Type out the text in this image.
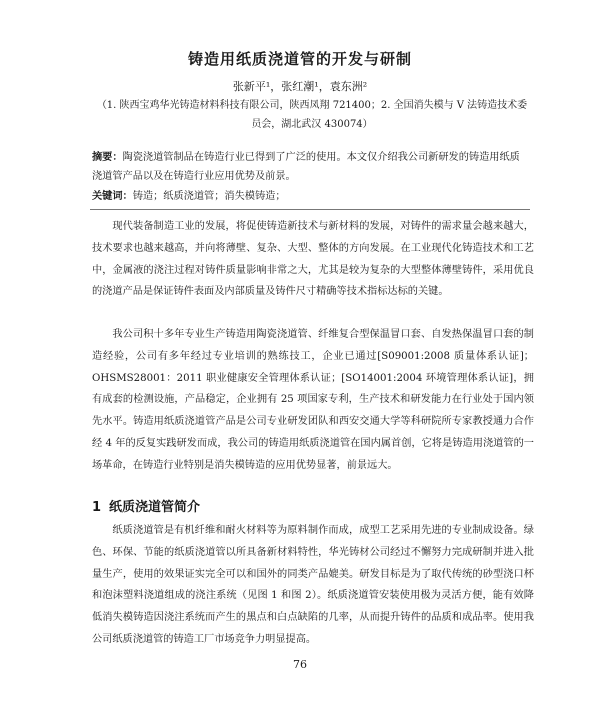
铸造用纸质浇道管的开发与研制
张新平¹，张红潮¹，袁东洲²
（1. 陕西宝鸡华光铸造材料科技有限公司，陕西凤翔 721400；2. 全国消失模与 V 法铸造技术委员会，湖北武汉 430074）
摘要：陶瓷浇道管制品在铸造行业已得到了广泛的使用。本文仅介绍我公司新研发的铸造用纸质浇道管产品以及在铸造行业应用优势及前景。
关键词：铸造；纸质浇道管；消失模铸造；

现代装备制造工业的发展，将促使铸造新技术与新材料的发展，对铸件的需求量会越来越大，技术要求也越来越高，并向将薄壁、复杂、大型、整体的方向发展。在工业现代化铸造技术和工艺中，金属液的浇注过程对铸件质量影响非常之大，尤其是较为复杂的大型整体薄壁铸件，采用优良的浇道产品是保证铸件表面及内部质量及铸件尺寸精确等技术指标达标的关键。

我公司积十多年专业生产铸造用陶瓷浇道管、纤维复合型保温冒口套、自发热保温冒口套的制造经验，公司有多年经过专业培训的熟练技工，企业已通过[S09001:2008 质量体系认证]；OHSMS28001：2011 职业健康安全管理体系认证；[SO14001:2004 环境管理体系认证]，拥有成套的检测设施，产品稳定，企业拥有 25 项国家专利，生产技术和研发能力在行业处于国内领先水平。铸造用纸质浇道管产品是公司专业研发团队和西安交通大学等科研院所专家教授通力合作经 4 年的反复实践研发而成，我公司的铸造用纸质浇道管在国内属首创，它将是铸造用浇道管的一场革命，在铸造行业特别是消失模铸造的应用优势显著，前景远大。

1 纸质浇道管简介

纸质浇道管是有机纤维和耐火材料等为原料制作而成，成型工艺采用先进的专业制成设备。绿色、环保、节能的纸质浇道管以所具备新材料特性，华光铸材公司经过不懈努力完成研制并进入批量生产，使用的效果证实完全可以和国外的同类产品媲美。研发目标是为了取代传统的砂型浇口杯和泡沫塑料浇道组成的浇注系统（见图 1 和图 2）。纸质浇道管安装使用极为灵活方便，能有效降低消失模铸造因浇注系统而产生的黑点和白点缺陷的几率，从而提升铸件的品质和成品率。使用我公司纸质浇道管的铸造工厂市场竞争力明显提高。

76
